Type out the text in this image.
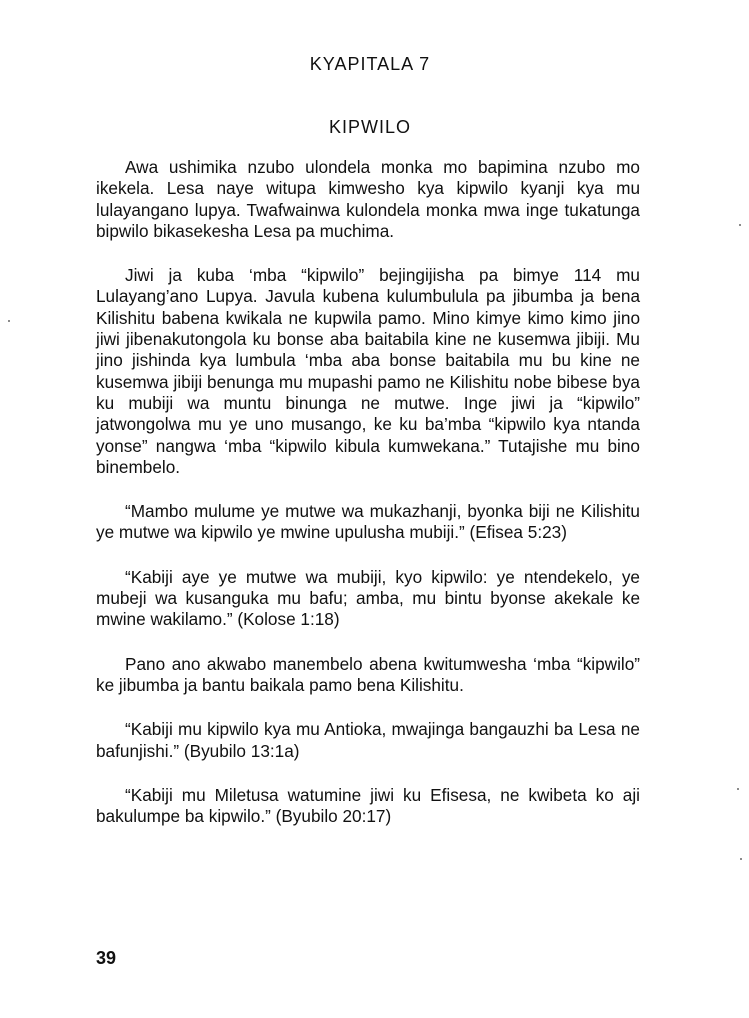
KYAPITALA 7
KIPWILO

Awa ushimika nzubo ulondela monka mo bapimina nzubo mo ikekela. Lesa naye witupa kimwesho kya kipwilo kyanji kya mu lulayangano lupya. Twafwainwa kulondela monka mwa inge tukatunga bipwilo bikasekesha Lesa pa muchima.

Jiwi ja kuba ‘mba “kipwilo” bejingijisha pa bimye 114 mu Lulayang’ano Lupya. Javula kubena kulumbulula pa jibumba ja bena Kilishitu babena kwikala ne kupwila pamo. Mino kimye kimo kimo jino jiwi jibenakutongola ku bonse aba baitabila kine ne kusemwa jibiji. Mu jino jishinda kya lumbula ‘mba aba bonse baitabila mu bu kine ne kusemwa jibiji benunga mu mupashi pamo ne Kilishitu nobe bibese bya ku mubiji wa muntu binunga ne mutwe. Inge jiwi ja “kipwilo” jatwongolwa mu ye uno musango, ke ku ba’mba “kipwilo kya ntanda yonse” nangwa ‘mba “kipwilo kibula kumwekana.” Tutajishe mu bino binembelo.

“Mambo mulume ye mutwe wa mukazhanji, byonka biji ne Kilishitu ye mutwe wa kipwilo ye mwine upulusha mubiji.” (Efisea 5:23)

“Kabiji aye ye mutwe wa mubiji, kyo kipwilo: ye ntendekelo, ye mubeji wa kusanguka mu bafu; amba, mu bintu byonse akekale ke mwine wakilamo.” (Kolose 1:18)

Pano ano akwabo manembelo abena kwitumwesha ‘mba “kipwilo” ke jibumba ja bantu baikala pamo bena Kilishitu.

“Kabiji mu kipwilo kya mu Antioka, mwajinga bangauzhi ba Lesa ne bafunjishi.” (Byubilo 13:1a)

“Kabiji mu Miletusa watumine jiwi ku Efisesa, ne kwibeta ko aji bakulumpe ba kipwilo.” (Byubilo 20:17)

39
